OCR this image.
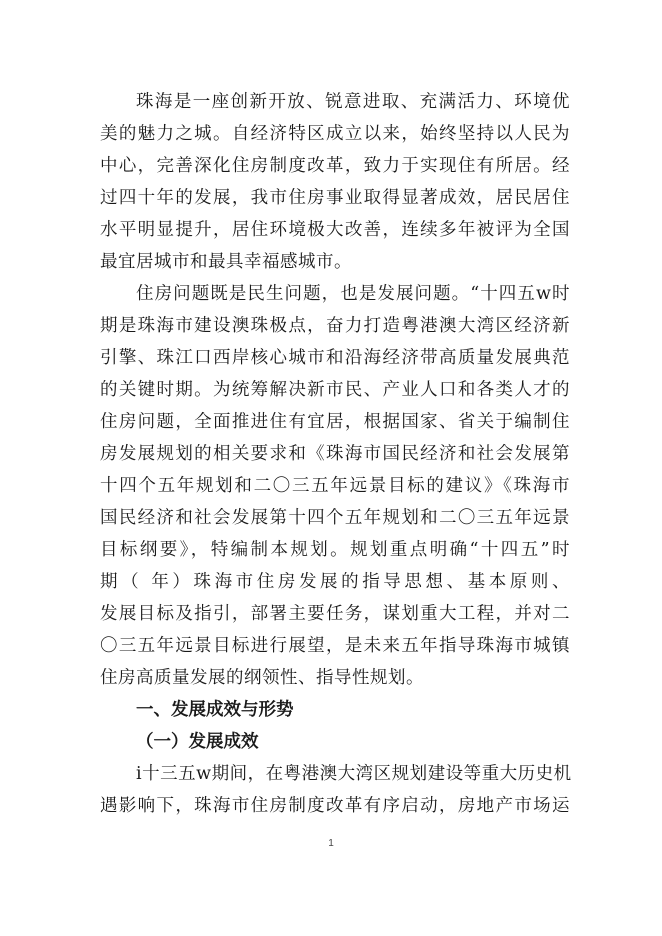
珠海是一座创新开放、锐意进取、充满活力、环境优
美的魅力之城。自经济特区成立以来，始终坚持以人民为
中心，完善深化住房制度改革，致力于实现住有所居。经
过四十年的发展，我市住房事业取得显著成效，居民居住
水平明显提升，居住环境极大改善，连续多年被评为全国
最宜居城市和最具幸福感城市。
住房问题既是民生问题，也是发展问题。“十四五w时
期是珠海市建设澳珠极点，奋力打造粤港澳大湾区经济新
引擎、珠江口西岸核心城市和沿海经济带高质量发展典范
的关键时期。为统筹解决新市民、产业人口和各类人才的
住房问题，全面推进住有宜居，根据国家、省关于编制住
房发展规划的相关要求和《珠海市国民经济和社会发展第
十四个五年规划和二〇三五年远景目标的建议》《珠海市
国民经济和社会发展第十四个五年规划和二〇三五年远景
目标纲要》，特编制本规划。规划重点明确“十四五”时
期（ 年）珠海市住房发展的指导思想、基本原则、
发展目标及指引，部署主要任务，谋划重大工程，并对二
〇三五年远景目标进行展望，是未来五年指导珠海市城镇
住房高质量发展的纲领性、指导性规划。
一、发展成效与形势
（一）发展成效
i十三五w期间，在粤港澳大湾区规划建设等重大历史机
遇影响下，珠海市住房制度改革有序启动，房地产市场运
1
